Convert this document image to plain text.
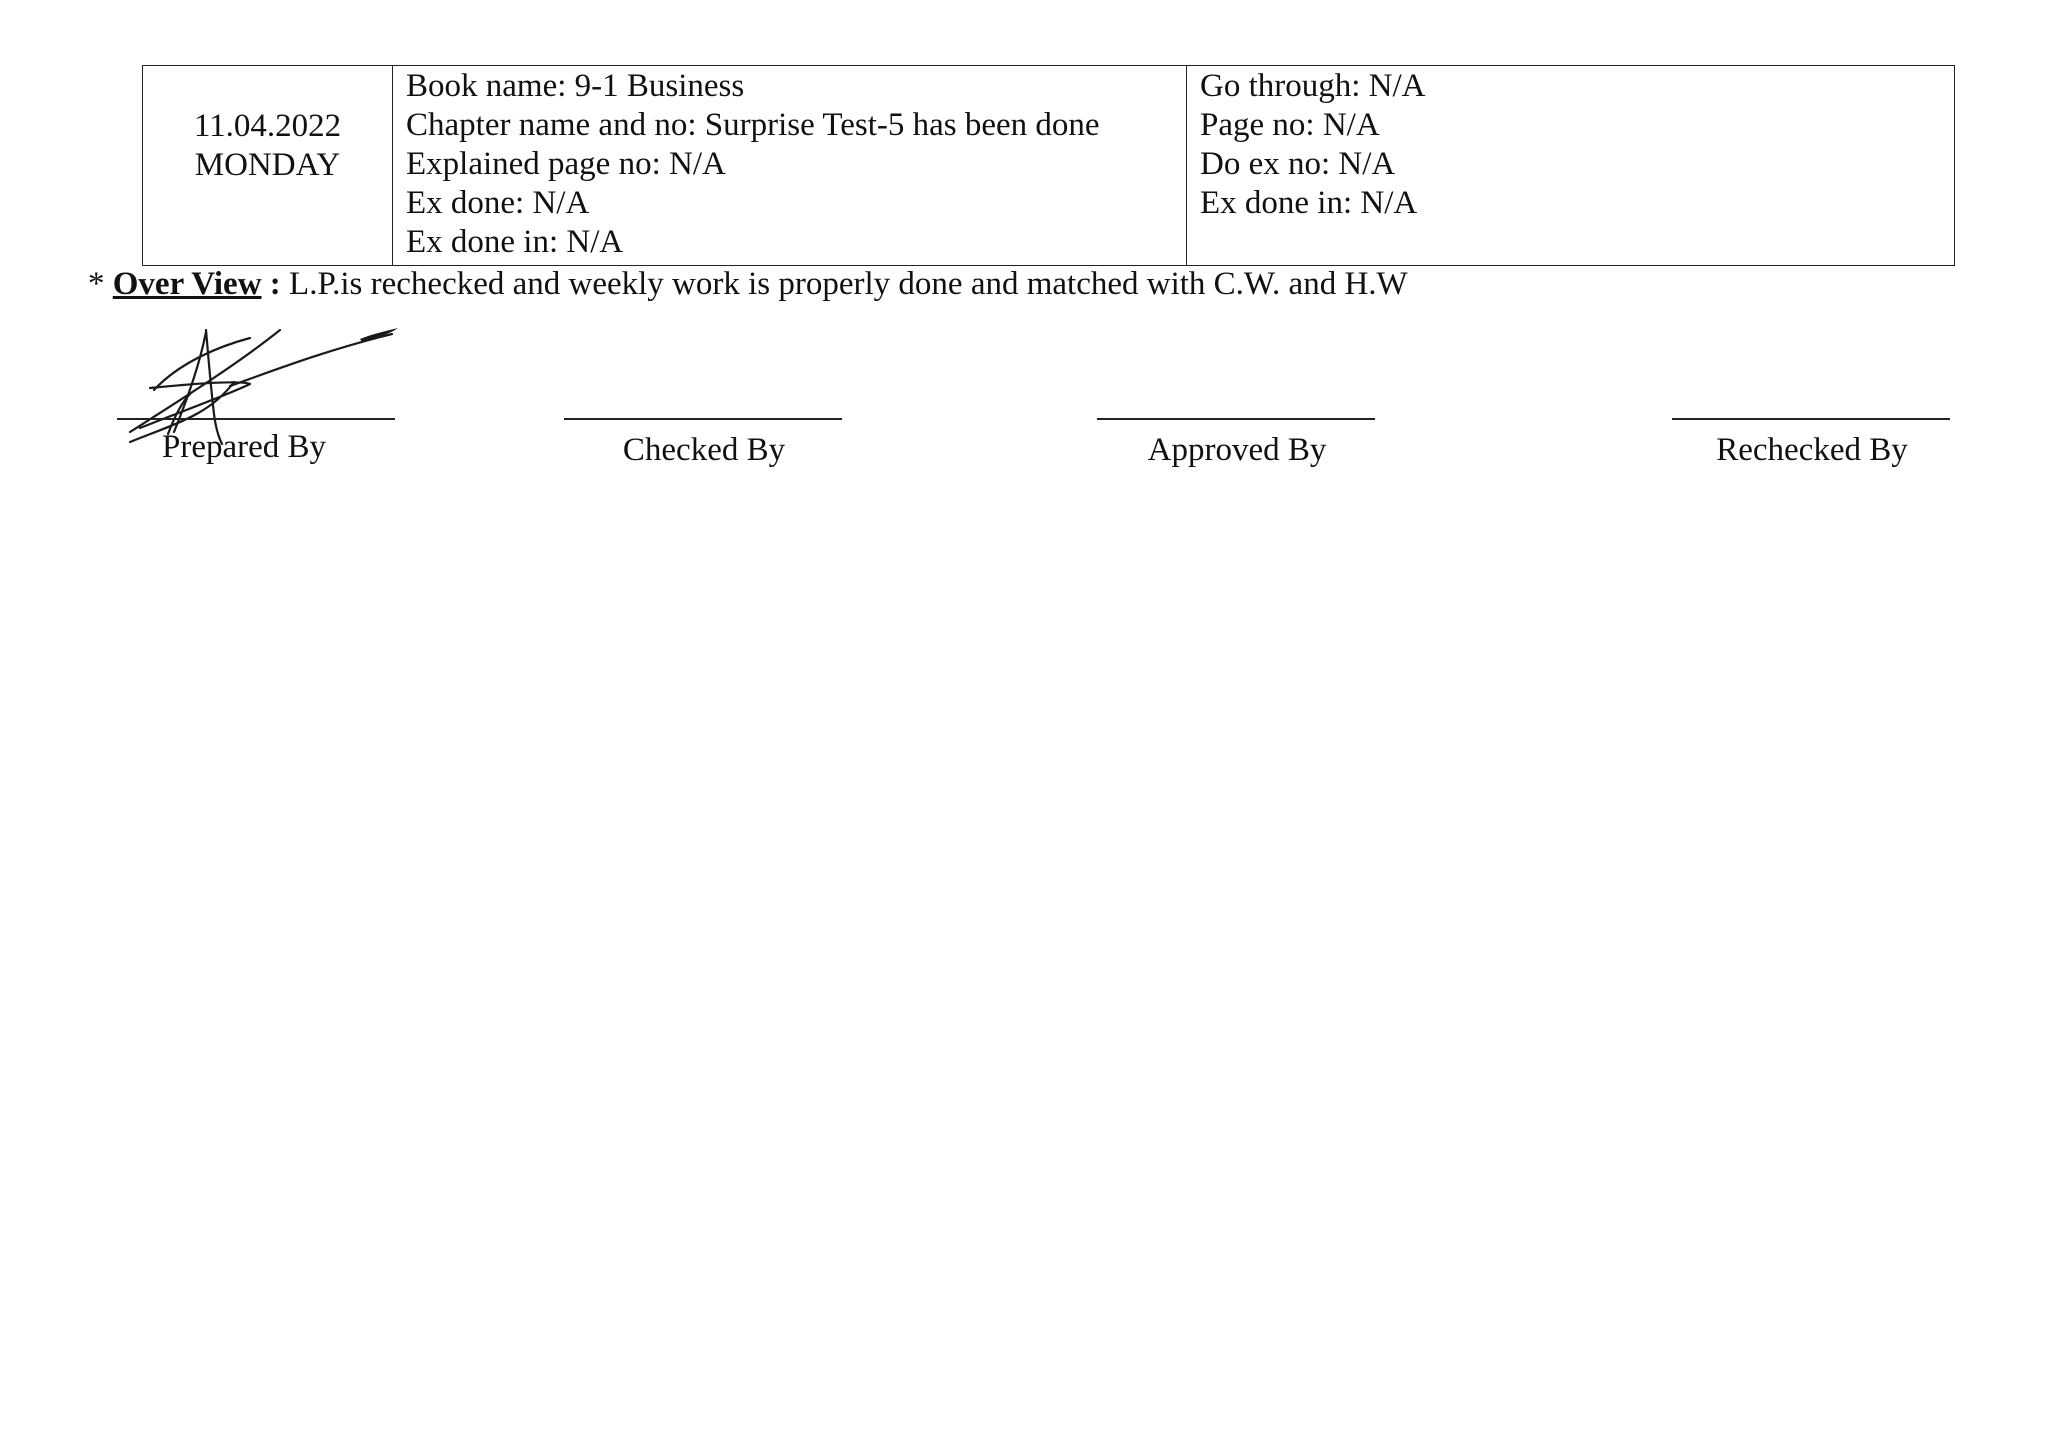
11.04.2022
MONDAY

Book name: 9-1 Business
Chapter name and no: Surprise Test-5 has been done
Explained page no: N/A
Ex done: N/A
Ex done in: N/A

Go through: N/A
Page no: N/A
Do ex no: N/A
Ex done in: N/A
* Over View : L.P.is rechecked and weekly work is properly done and matched with C.W. and H.W
Prepared By	Checked By	Approved By	Rechecked By
